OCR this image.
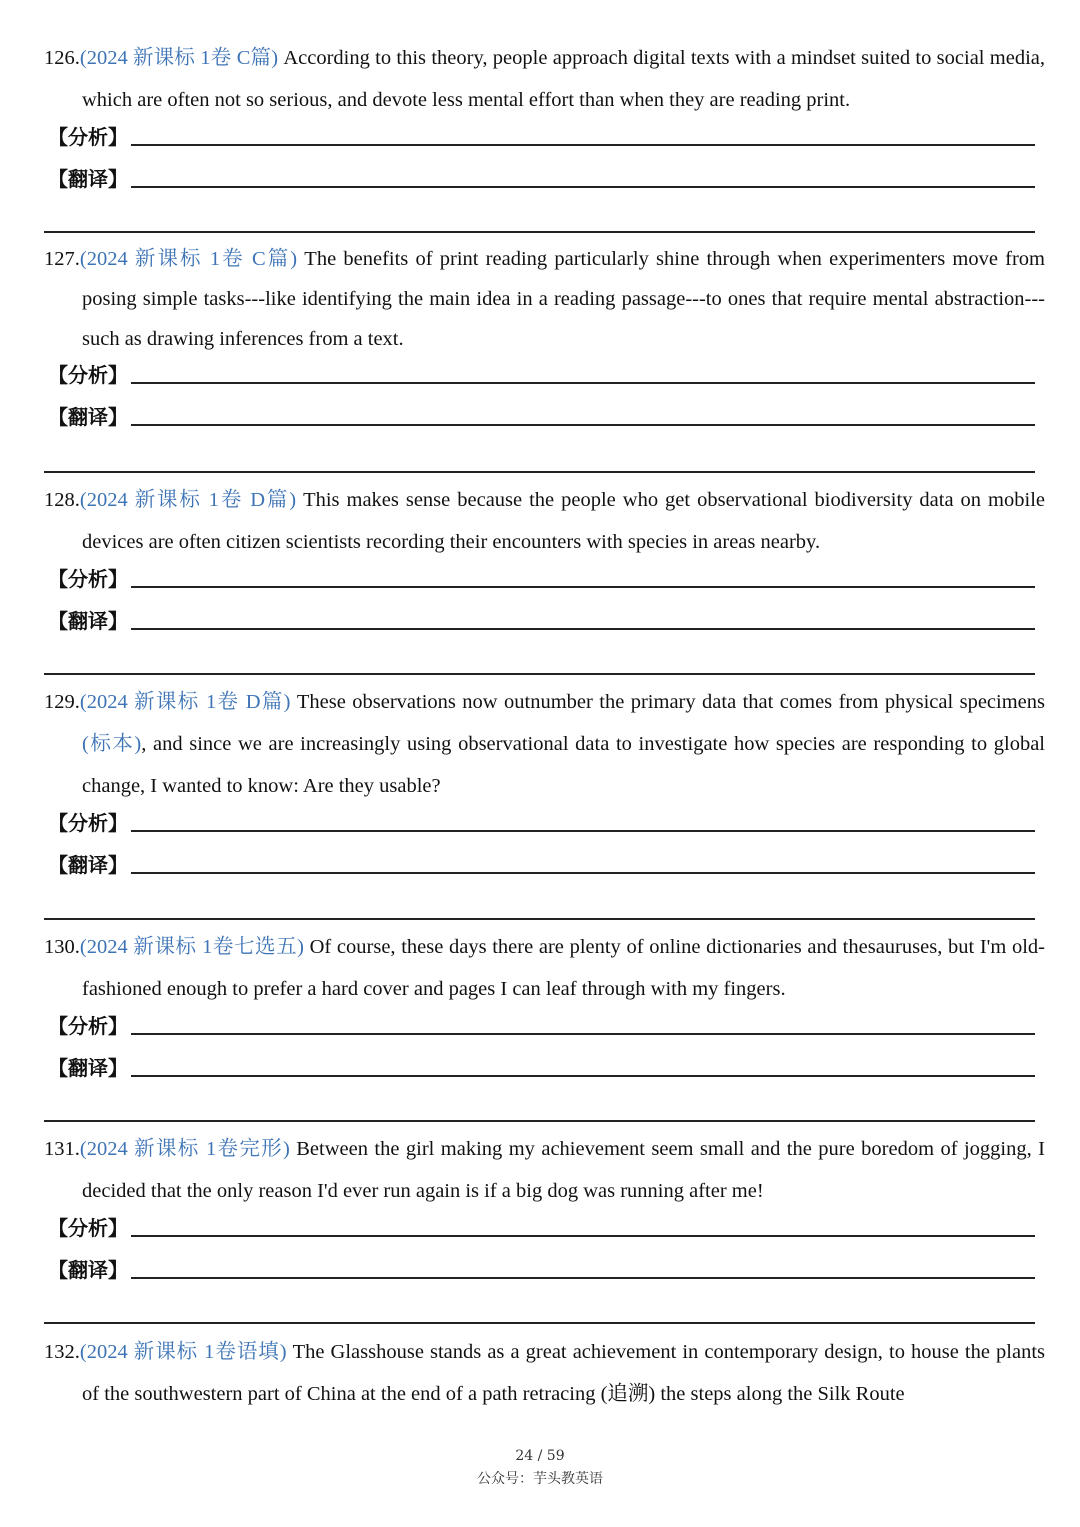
126.(2024 新课标 1卷 C篇) According to this theory, people approach digital texts with a mindset suited to social media, which are often not so serious, and devote less mental effort than when they are reading print.

【分析】
【翻译】

127.(2024 新课标 1卷 C篇) The benefits of print reading particularly shine through when experimenters move from posing simple tasks---like identifying the main idea in a reading passage---to ones that require mental abstraction---such as drawing inferences from a text.

【分析】
【翻译】

128.(2024 新课标 1卷 D篇) This makes sense because the people who get observational biodiversity data on mobile devices are often citizen scientists recording their encounters with species in areas nearby.

【分析】
【翻译】

129.(2024 新课标 1卷 D篇) These observations now outnumber the primary data that comes from physical specimens (标本), and since we are increasingly using observational data to investigate how species are responding to global change, I wanted to know: Are they usable?

【分析】
【翻译】

130.(2024 新课标 1卷七选五) Of course, these days there are plenty of online dictionaries and thesauruses, but I'm old-fashioned enough to prefer a hard cover and pages I can leaf through with my fingers.

【分析】
【翻译】

131.(2024 新课标 1卷完形) Between the girl making my achievement seem small and the pure boredom of jogging, I decided that the only reason I'd ever run again is if a big dog was running after me!

【分析】
【翻译】

132.(2024 新课标 1卷语填) The Glasshouse stands as a great achievement in contemporary design, to house the plants of the southwestern part of China at the end of a path retracing (追溯) the steps along the Silk Route

24 / 59
公众号：芋头教英语
